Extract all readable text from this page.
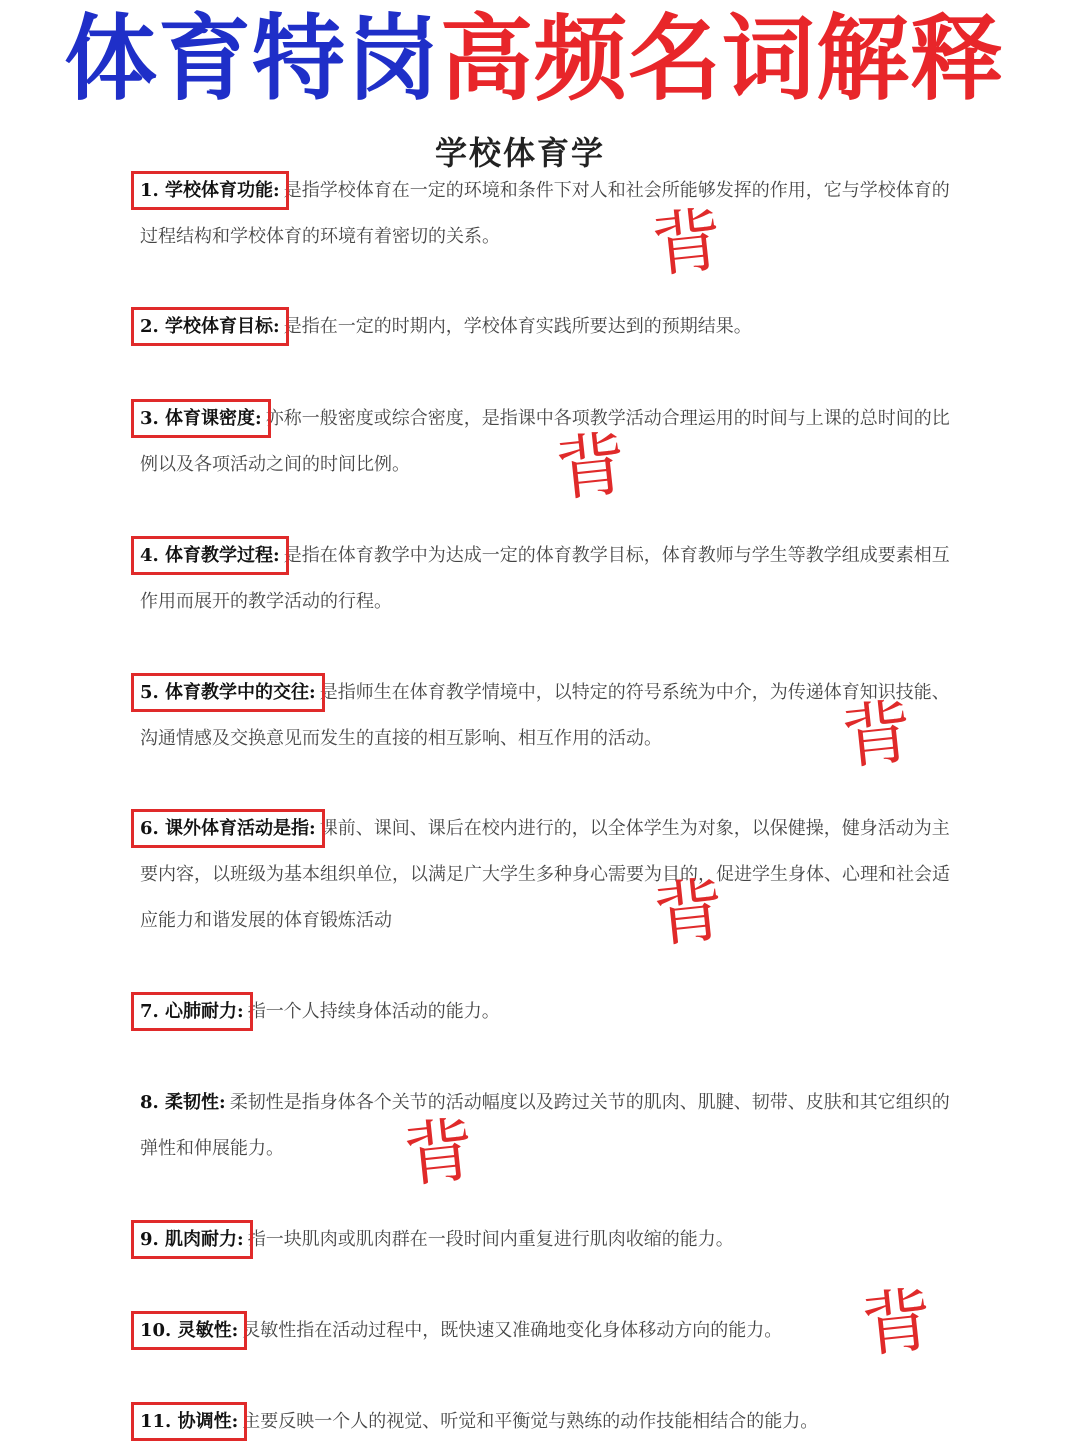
体育特岗高频名词解释
学校体育学
1. 学校体育功能: 是指学校体育在一定的环境和条件下对人和社会所能够发挥的作用，它与学校体育的过程结构和学校体育的环境有着密切的关系。
2. 学校体育目标: 是指在一定的时期内，学校体育实践所要达到的预期结果。
3. 体育课密度: 亦称一般密度或综合密度，是指课中各项教学活动合理运用的时间与上课的总时间的比例以及各项活动之间的时间比例。
4. 体育教学过程: 是指在体育教学中为达成一定的体育教学目标，体育教师与学生等教学组成要素相互作用而展开的教学活动的行程。
5. 体育教学中的交往: 是指师生在体育教学情境中，以特定的符号系统为中介，为传递体育知识技能、沟通情感及交换意见而发生的直接的相互影响、相互作用的活动。
6. 课外体育活动是指: 课前、课间、课后在校内进行的，以全体学生为对象，以保健操，健身活动为主要内容，以班级为基本组织单位，以满足广大学生多种身心需要为目的，促进学生身体、心理和社会适应能力和谐发展的体育锻炼活动
7. 心肺耐力: 指一个人持续身体活动的能力。
8. 柔韧性: 柔韧性是指身体各个关节的活动幅度以及跨过关节的肌肉、肌腱、韧带、皮肤和其它组织的弹性和伸展能力。
9. 肌肉耐力: 指一块肌肉或肌肉群在一段时间内重复进行肌肉收缩的能力。
10. 灵敏性: 灵敏性指在活动过程中，既快速又准确地变化身体移动方向的能力。
11. 协调性: 主要反映一个人的视觉、听觉和平衡觉与熟练的动作技能相结合的能力。
背
背
背
背
背
背
